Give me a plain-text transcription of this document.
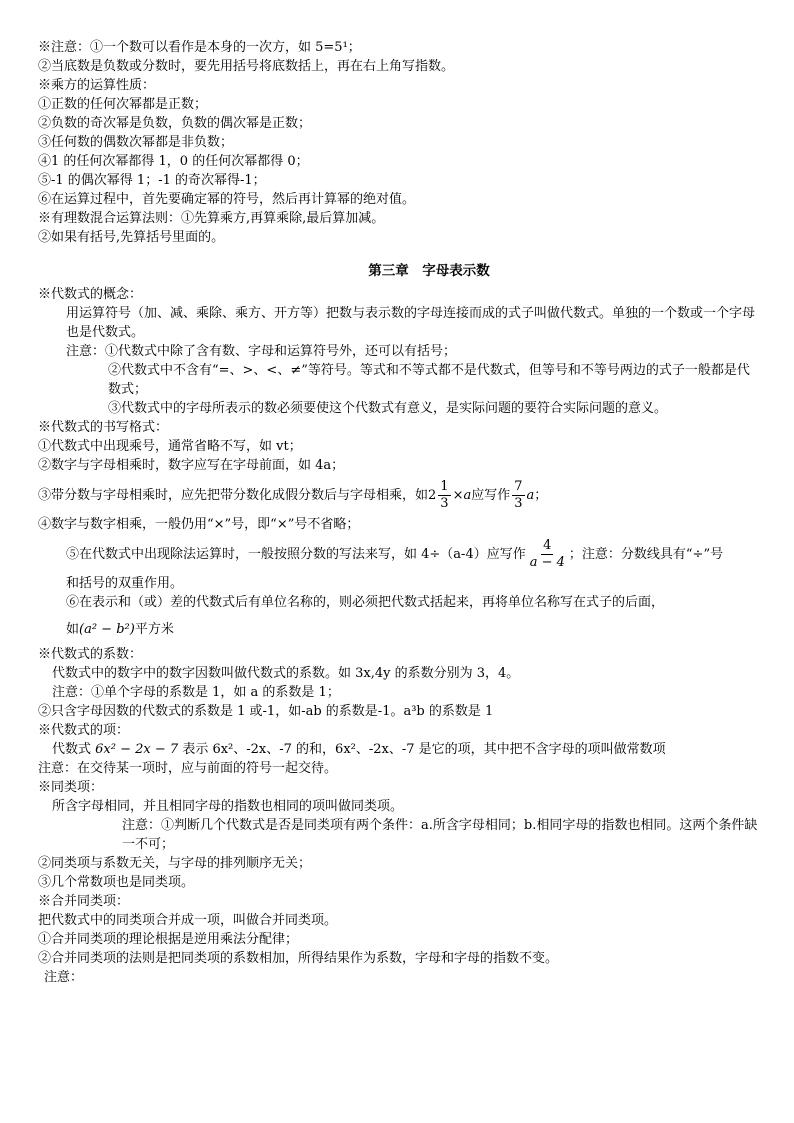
※注意：①一个数可以看作是本身的一次方，如 5=5¹；
②当底数是负数或分数时，要先用括号将底数括上，再在右上角写指数。
※乘方的运算性质：
①正数的任何次幂都是正数；
②负数的奇次幂是负数，负数的偶次幂是正数；
③任何数的偶数次幂都是非负数；
④1 的任何次幂都得 1，0 的任何次幂都得 0；
⑤-1 的偶次幂得 1；-1 的奇次幂得-1；
⑥在运算过程中，首先要确定幂的符号，然后再计算幂的绝对值。
※有理数混合运算法则：①先算乘方,再算乘除,最后算加减。
②如果有括号,先算括号里面的。
第三章　字母表示数
※代数式的概念：
用运算符号（加、减、乘除、乘方、开方等）把数与表示数的字母连接而成的式子叫做代数式。单独的一个数或一个字母也是代数式。
注意：①代数式中除了含有数、字母和运算符号外，还可以有括号；
②代数式中不含有“=、>、<、≠”等符号。等式和不等式都不是代数式，但等号和不等号两边的式子一般都是代数式；
③代数式中的字母所表示的数必须要使这个代数式有意义，是实际问题的要符合实际问题的意义。
※代数式的书写格式：
①代数式中出现乘号，通常省略不写，如 vt；
②数字与字母相乘时，数字应写在字母前面，如 4a；
③带分数与字母相乘时，应先把带分数化成假分数后与字母相乘，如 $2 \frac{1}{3} \times a$ 应写作 $\frac{7}{3}$ a ；
④数字与数字相乘，一般仍用“×”号，即“×”号不省略；
⑤在代数式中出现除法运算时，一般按照分数的写法来写，如 4÷（a-4）应写作 $\frac{4}{a - 4}$ ；注意：分数线具有“÷”号
和括号的双重作用。
⑥在表示和（或）差的代数式后有单位名称的，则必须把代数式括起来，再将单位名称写在式子的后面，
如(a² − b²)平方米
※代数式的系数：
代数式中的数字中的数字因数叫做代数式的系数。如 3x,4y 的系数分别为 3，4。
注意：①单个字母的系数是 1，如 a 的系数是 1；
②只含字母因数的代数式的系数是 1 或-1，如-ab 的系数是-1。a³b 的系数是 1
※代数式的项：
代数式 6x² − 2x − 7 表示 6x²、-2x、-7 的和，6x²、-2x、-7 是它的项，其中把不含字母的项叫做常数项
注意：在交待某一项时，应与前面的符号一起交待。
※同类项：
所含字母相同，并且相同字母的指数也相同的项叫做同类项。
注意：①判断几个代数式是否是同类项有两个条件：a.所含字母相同；b.相同字母的指数也相同。这两个条件缺一不可；
②同类项与系数无关，与字母的排列顺序无关；
③几个常数项也是同类项。
※合并同类项：
把代数式中的同类项合并成一项，叫做合并同类项。
①合并同类项的理论根据是逆用乘法分配律；
②合并同类项的法则是把同类项的系数相加，所得结果作为系数，字母和字母的指数不变。
注意：
